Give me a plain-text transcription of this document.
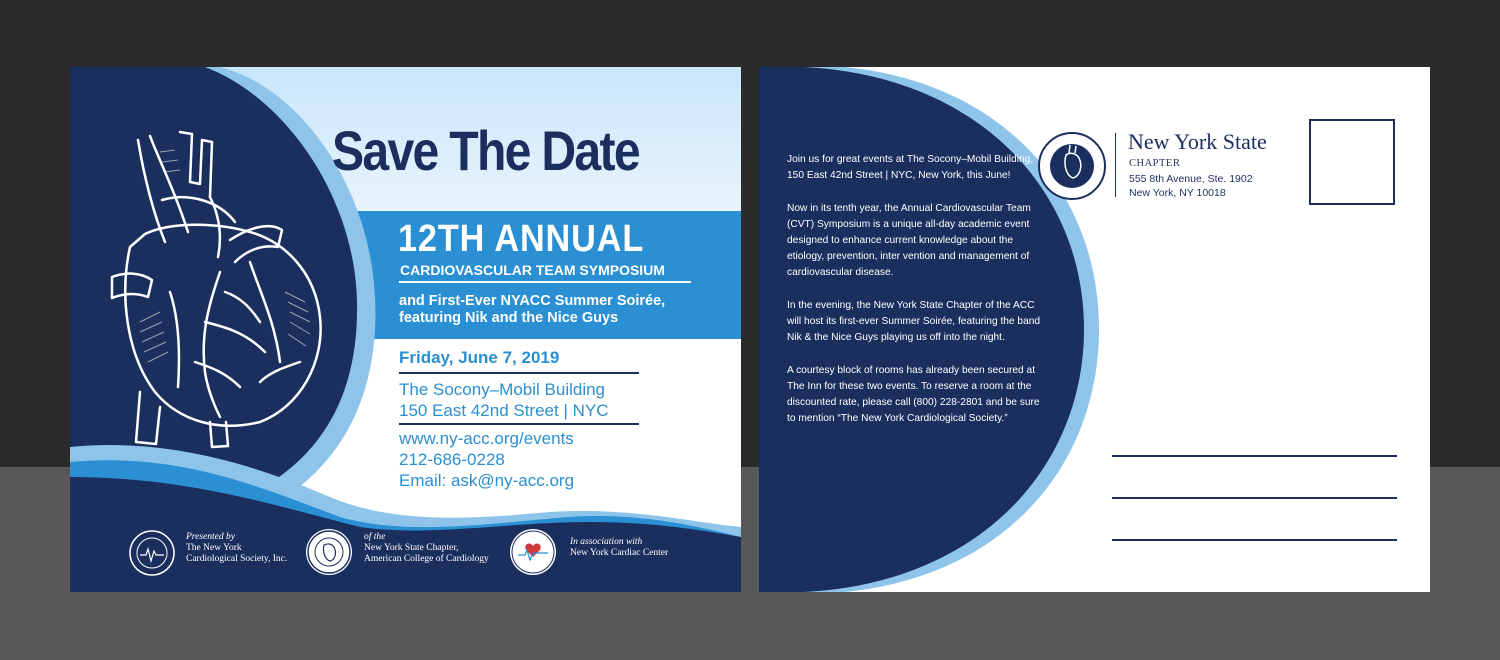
Save The Date
12TH ANNUAL
CARDIOVASCULAR TEAM SYMPOSIUM
and First-Ever NYACC Summer Soirée,
featuring Nik and the Nice Guys
Friday, June 7, 2019
The Socony–Mobil Building
150 East 42nd Street | NYC
www.ny-acc.org/events
212-686-0228
Email: ask@ny-acc.org
Presented by
The New York
Cardiological Society, Inc.
of the
New York State Chapter,
American College of Cardiology
In association with
New York Cardiac Center

Join us for great events at The Socony–Mobil Building, 150 East 42nd Street | NYC, New York, this June!

Now in its tenth year, the Annual Cardiovascular Team (CVT) Symposium is a unique all-day academic event designed to enhance current knowledge about the etiology, prevention, inter vention and management of cardiovascular disease.

In the evening, the New York State Chapter of the ACC will host its first-ever Summer Soirée, featuring the band Nik & the Nice Guys playing us off into the night.

A courtesy block of rooms has already been secured at The Inn for these two events. To reserve a room at the discounted rate, please call (800) 228-2801 and be sure to mention “The New York Cardiological Society.”

New York State
CHAPTER
555 8th Avenue, Ste. 1902
New York, NY 10018
